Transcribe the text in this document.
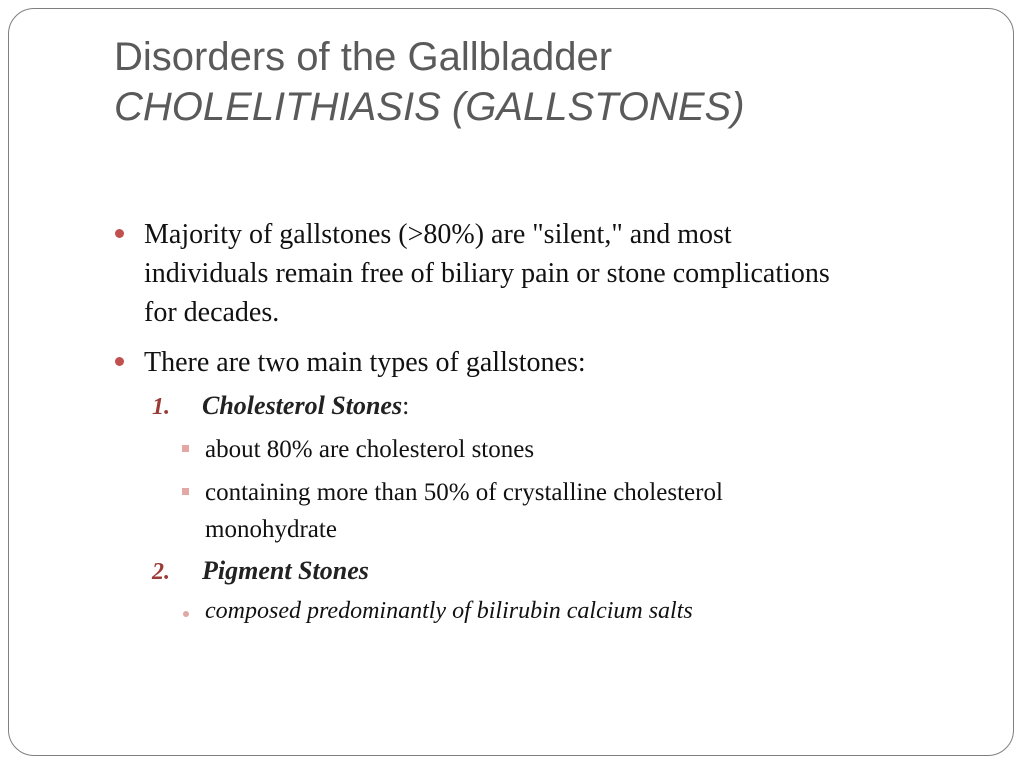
Disorders of the Gallbladder
CHOLELITHIASIS (GALLSTONES)
Majority of gallstones (>80%) are "silent," and most
individuals remain free of biliary pain or stone complications
for decades.
There are two main types of gallstones:
1. Cholesterol Stones:
about 80% are cholesterol stones
containing more than 50% of crystalline cholesterol
monohydrate
2. Pigment Stones
composed predominantly of bilirubin calcium salts
